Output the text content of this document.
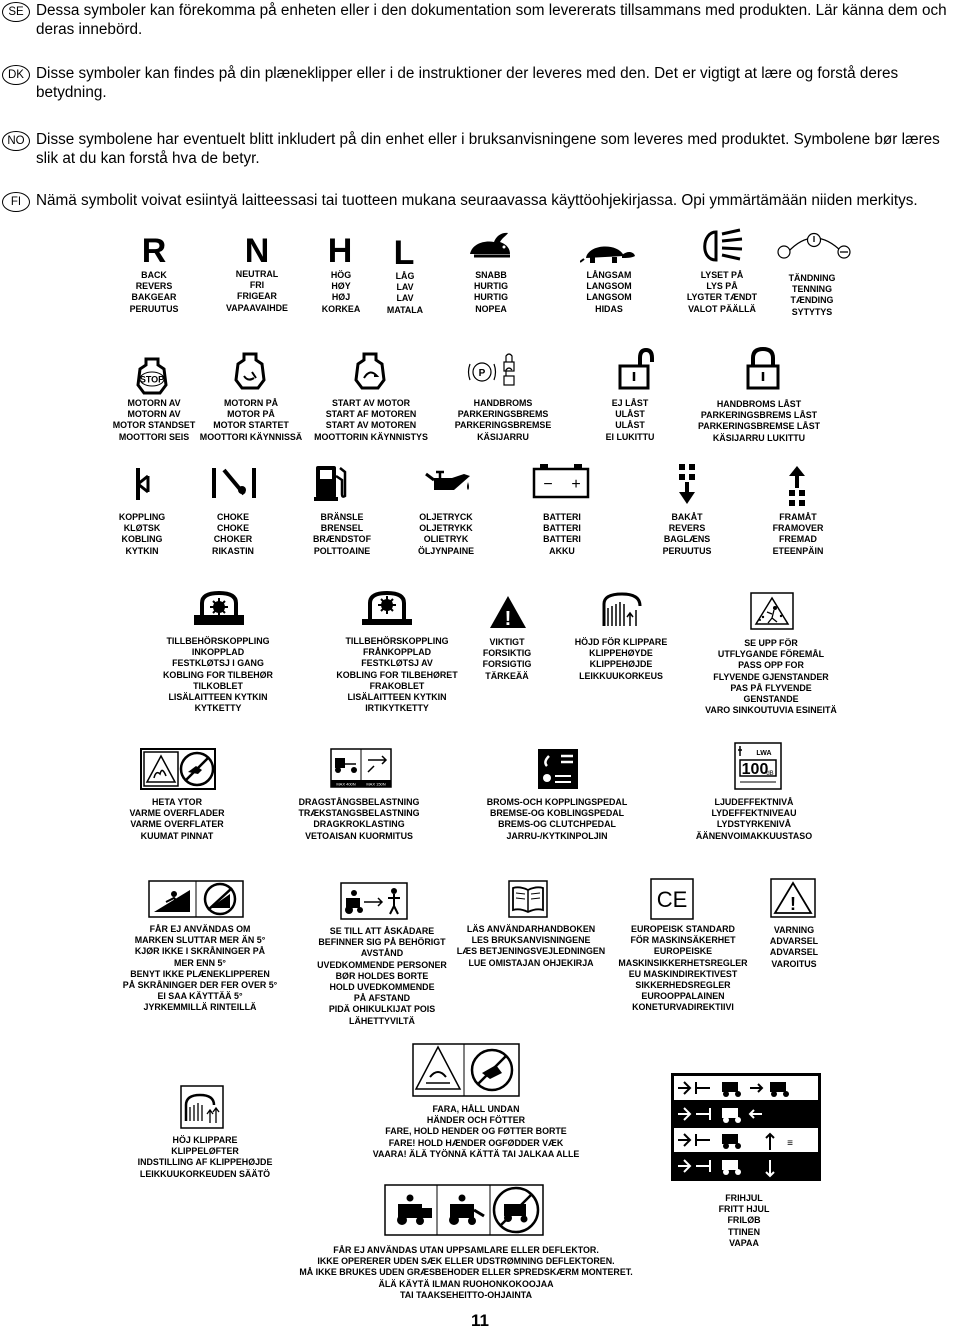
SE Dessa symboler kan förekomma på enheten eller i den dokumentation som levererats tillsammans med produkten. Lär känna dem och deras innebörd.
DK Disse symboler kan findes på din plæneklipper eller i de instruktioner der leveres med den. Det er vigtigt at lære og forstå deres betydning.
NO Disse symbolene har eventuelt blitt inkludert på din enhet eller i bruksanvisningene som leveres med produktet. Symbolene bør læres slik at du kan forstå hva de betyr.
FI Nämä symbolit voivat esiintyä laitteessasi tai tuotteen mukana seuraavassa käyttöohjekirjassa. Opi ymmärtämään niiden merkitys.
R
BACK
REVERS
BAKGEAR
PERUUTUS
N
NEUTRAL
FRI
FRIGEAR
VAPAAVAIHDE
H
HÖG
HØY
HØJ
KORKEA
L
LÅG
LAV
LAV
MATALA
SNABB
HURTIG
HURTIG
NOPEA
LÅNGSAM
LANGSOM
LANGSOM
HIDAS
LYSET PÅ
LYS PÅ
LYGTER TÆNDT
VALOT PÄÄLLÄ
TÄNDNING
TENNING
TÆNDING
SYTYTYS
STOP
MOTORN AV
MOTORN AV
MOTOR STANDSET
MOOTTORI SEIS
MOTORN PÅ
MOTOR PÅ
MOTOR STARTET
MOOTTORI KÄYNNISSÄ
START AV MOTOR
START AF MOTOREN
START AV MOTOREN
MOOTTORIN KÄYNNISTYS
P
HANDBROMS
PARKERINGSBREMS
PARKERINGSBREMSE
KÄSIJARRU
EJ LÅST
ULÅST
ULÅST
EI LUKITTU
HANDBROMS LÅST
PARKERINGSBREMS LÅST
PARKERINGSBREMSE LÅST
KÄSIJARRU LUKITTU
KOPPLING
KLØTSK
KOBLING
KYTKIN
CHOKE
CHOKE
CHOKER
RIKASTIN
BRÄNSLE
BRENSEL
BRÆNDSTOF
POLTTOAINE
OLJETRYCK
OLJETRYKK
OLIETRYK
ÖLJYNPAINE
− +
BATTERI
BATTERI
BATTERI
AKKU
BAKÅT
REVERS
BAGLÆNS
PERUUTUS
FRAMÅT
FRAMOVER
FREMAD
ETEENPÄIN
TILLBEHÖRSKOPPLING
INKOPPLAD
FESTKLØTSJ I GANG
KOBLING FOR TILBEHØR
TILKOBLET
LISÄLAITTEEN KYTKIN
KYTKETTY
TILLBEHÖRSKOPPLING
FRÅNKOPPLAD
FESTKLØTSJ AV
KOBLING FOR TILBEHØRET
FRAKOBLET
LISÄLAITTEEN KYTKIN
IRTIKYTKETTY
!
VIKTIGT
FORSIKTIG
FORSIGTIG
TÄRKEÄÄ
HÖJD FÖR KLIPPARE
KLIPPEHØYDE
KLIPPEHØJDE
LEIKKUUKORKEUS
SE UPP FÖR
UTFLYGANDE FÖREMÅL
PASS OPP FOR
FLYVENDE GJENSTANDER
PAS PÅ FLYVENDE
GENSTANDE
VARO SINKOUTUVIA ESINEITÄ
HETA YTOR
VARME OVERFLADER
VARME OVERFLATER
KUUMAT PINNAT
MAX 400N	MAX 150N
DRAGSTÅNGSBELASTNING
TRÆKSTANGSBELASTNING
DRAGKROKLASTING
VETOAISAN KUORMITUS
BROMS-OCH KOPPLINGSPEDAL
BREMSE-OG KOBLINGSPEDAL
BREMS-OG CLUTCHPEDAL
JARRU-/KYTKINPOLJIN
LWA
100
dB
LJUDEFFEKTNIVÅ
LYDEFFEKTNIVEAU
LYDSTYRKENIVÅ
ÄÄNENVOIMAKKUUSTASO
FÅR EJ ANVÄNDAS OM
MARKEN SLUTTAR MER ÄN 5°
KJØR IKKE I SKRÅNINGER PÅ
MER ENN 5°
BENYT IKKE PLÆNEKLIPPEREN
PÅ SKRÅNINGER DER FER OVER 5°
EI SAA KÄYTTÄÄ 5°
JYRKEMMILLÄ RINTEILLÄ
SE TILL ATT ÅSKÅDARE
BEFINNER SIG PÅ BEHÖRIGT
AVSTÅND
UVEDKOMMENDE PERSONER
BØR HOLDES BORTE
HOLD UVEDKOMMENDE
PÅ AFSTAND
PIDÄ OHIKULKIJAT POIS
LÄHETTYVILTÄ
LÄS ANVÄNDARHANDBOKEN
LES BRUKSANVISNINGENE
LÆS BETJENINGSVEJLEDNINGEN
LUE OMISTAJAN OHJEKIRJA
CE
EUROPEISK STANDARD
FÖR MASKINSÄKERHET
EUROPEISKE
MASKINSIKKERHETSREGLER
EU MASKINDIREKTIVEST
SIKKERHEDSREGLER
EUROOPPALAINEN
KONETURVADIREKTIIVI
!
VARNING
ADVARSEL
ADVARSEL
VAROITUS
FARA, HÅLL UNDAN
HÄNDER OCH FÖTTER
FARE, HOLD HENDER OG FØTTER BORTE
FARE! HOLD HÆNDER OGFØDDER VÆK
VAARA! ÄLÄ TYÖNNÄ KÄTTÄ TAI JALKAA ALLE
HÖJ KLIPPARE
KLIPPELØFTER
INDSTILLING AF KLIPPEHØJDE
LEIKKUUKORKEUDEN SÄÄTÖ
≡
FRIHJUL
FRITT HJUL
FRILØB
TTINEN
VAPAA
FÅR EJ ANVÄNDAS UTAN UPPSAMLARE ELLER DEFLEKTOR.
IKKE OPERERER UDEN SÆK ELLER UDSTRØMNING DEFLEKTOREN.
MÅ IKKE BRUKES UDEN GRÆSBEHODER ELLER SPREDSKÆRM MONTERET.
ÄLÄ KÄYTÄ ILMAN RUOHONKOKOOJAA
TAI TAAKSEHEITTO-OHJAINTA
11
